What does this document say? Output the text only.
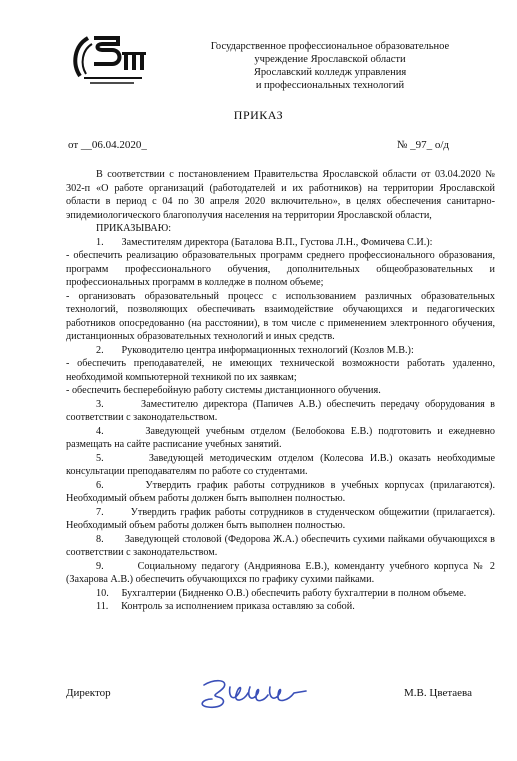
Государственное профессиональное образовательное
учреждение Ярославской области
Ярославский колледж управления
и профессиональных технологий
ПРИКАЗ
от __06.04.2020_	№ _97_ о/д

В соответствии с постановлением Правительства Ярославской области от 03.04.2020 № 302-п «О работе организаций (работодателей и их работников) на территории Ярославской области в период с 04 по 30 апреля 2020 включительно», в целях обеспечения санитарно-эпидемиологического благополучия населения на территории Ярославской области,

ПРИКАЗЫВАЮ:

1.       Заместителям директора (Баталова В.П., Густова Л.Н., Фомичева С.И.):

- обеспечить реализацию образовательных программ среднего профессионального образования, программ профессионального обучения, дополнительных общеобразовательных и профессиональных программ в колледже в полном объеме;

- организовать образовательный процесс с использованием различных образовательных технологий, позволяющих обеспечивать взаимодействие обучающихся и педагогических работников опосредованно (на расстоянии), в том числе с применением электронного обучения, дистанционных образовательных технологий и иных средств.

2.       Руководителю центра информационных технологий (Козлов М.В.):

- обеспечить преподавателей, не имеющих технической возможности работать удаленно, необходимой компьютерной техникой по их заявкам;

- обеспечить бесперебойную работу системы дистанционного обучения.

3.       Заместителю директора (Папичев А.В.) обеспечить передачу оборудования в соответствии с законодательством.

4.       Заведующей учебным отделом (Белобокова Е.В.) подготовить и ежедневно размещать на сайте расписание учебных занятий.

5.       Заведующей методическим отделом (Колесова И.В.) оказать необходимые консультации преподавателям по работе со студентами.

6.       Утвердить график работы сотрудников в учебных корпусах (прилагаются). Необходимый объем работы должен быть выполнен полностью.

7.       Утвердить график работы сотрудников в студенческом общежитии (прилагается). Необходимый объем работы должен быть выполнен полностью.

8.       Заведующей столовой (Федорова Ж.А.) обеспечить сухими пайками обучающихся в соответствии с законодательством.

9.       Социальному педагогу (Андриянова Е.В.), коменданту учебного корпуса № 2 (Захарова А.В.) обеспечить обучающихся по графику сухими пайками.

10.     Бухгалтерии (Бидненко О.В.) обеспечить работу бухгалтерии в полном объеме.

11.     Контроль за исполнением приказа оставляю за собой.

Директор	М.В. Цветаева
